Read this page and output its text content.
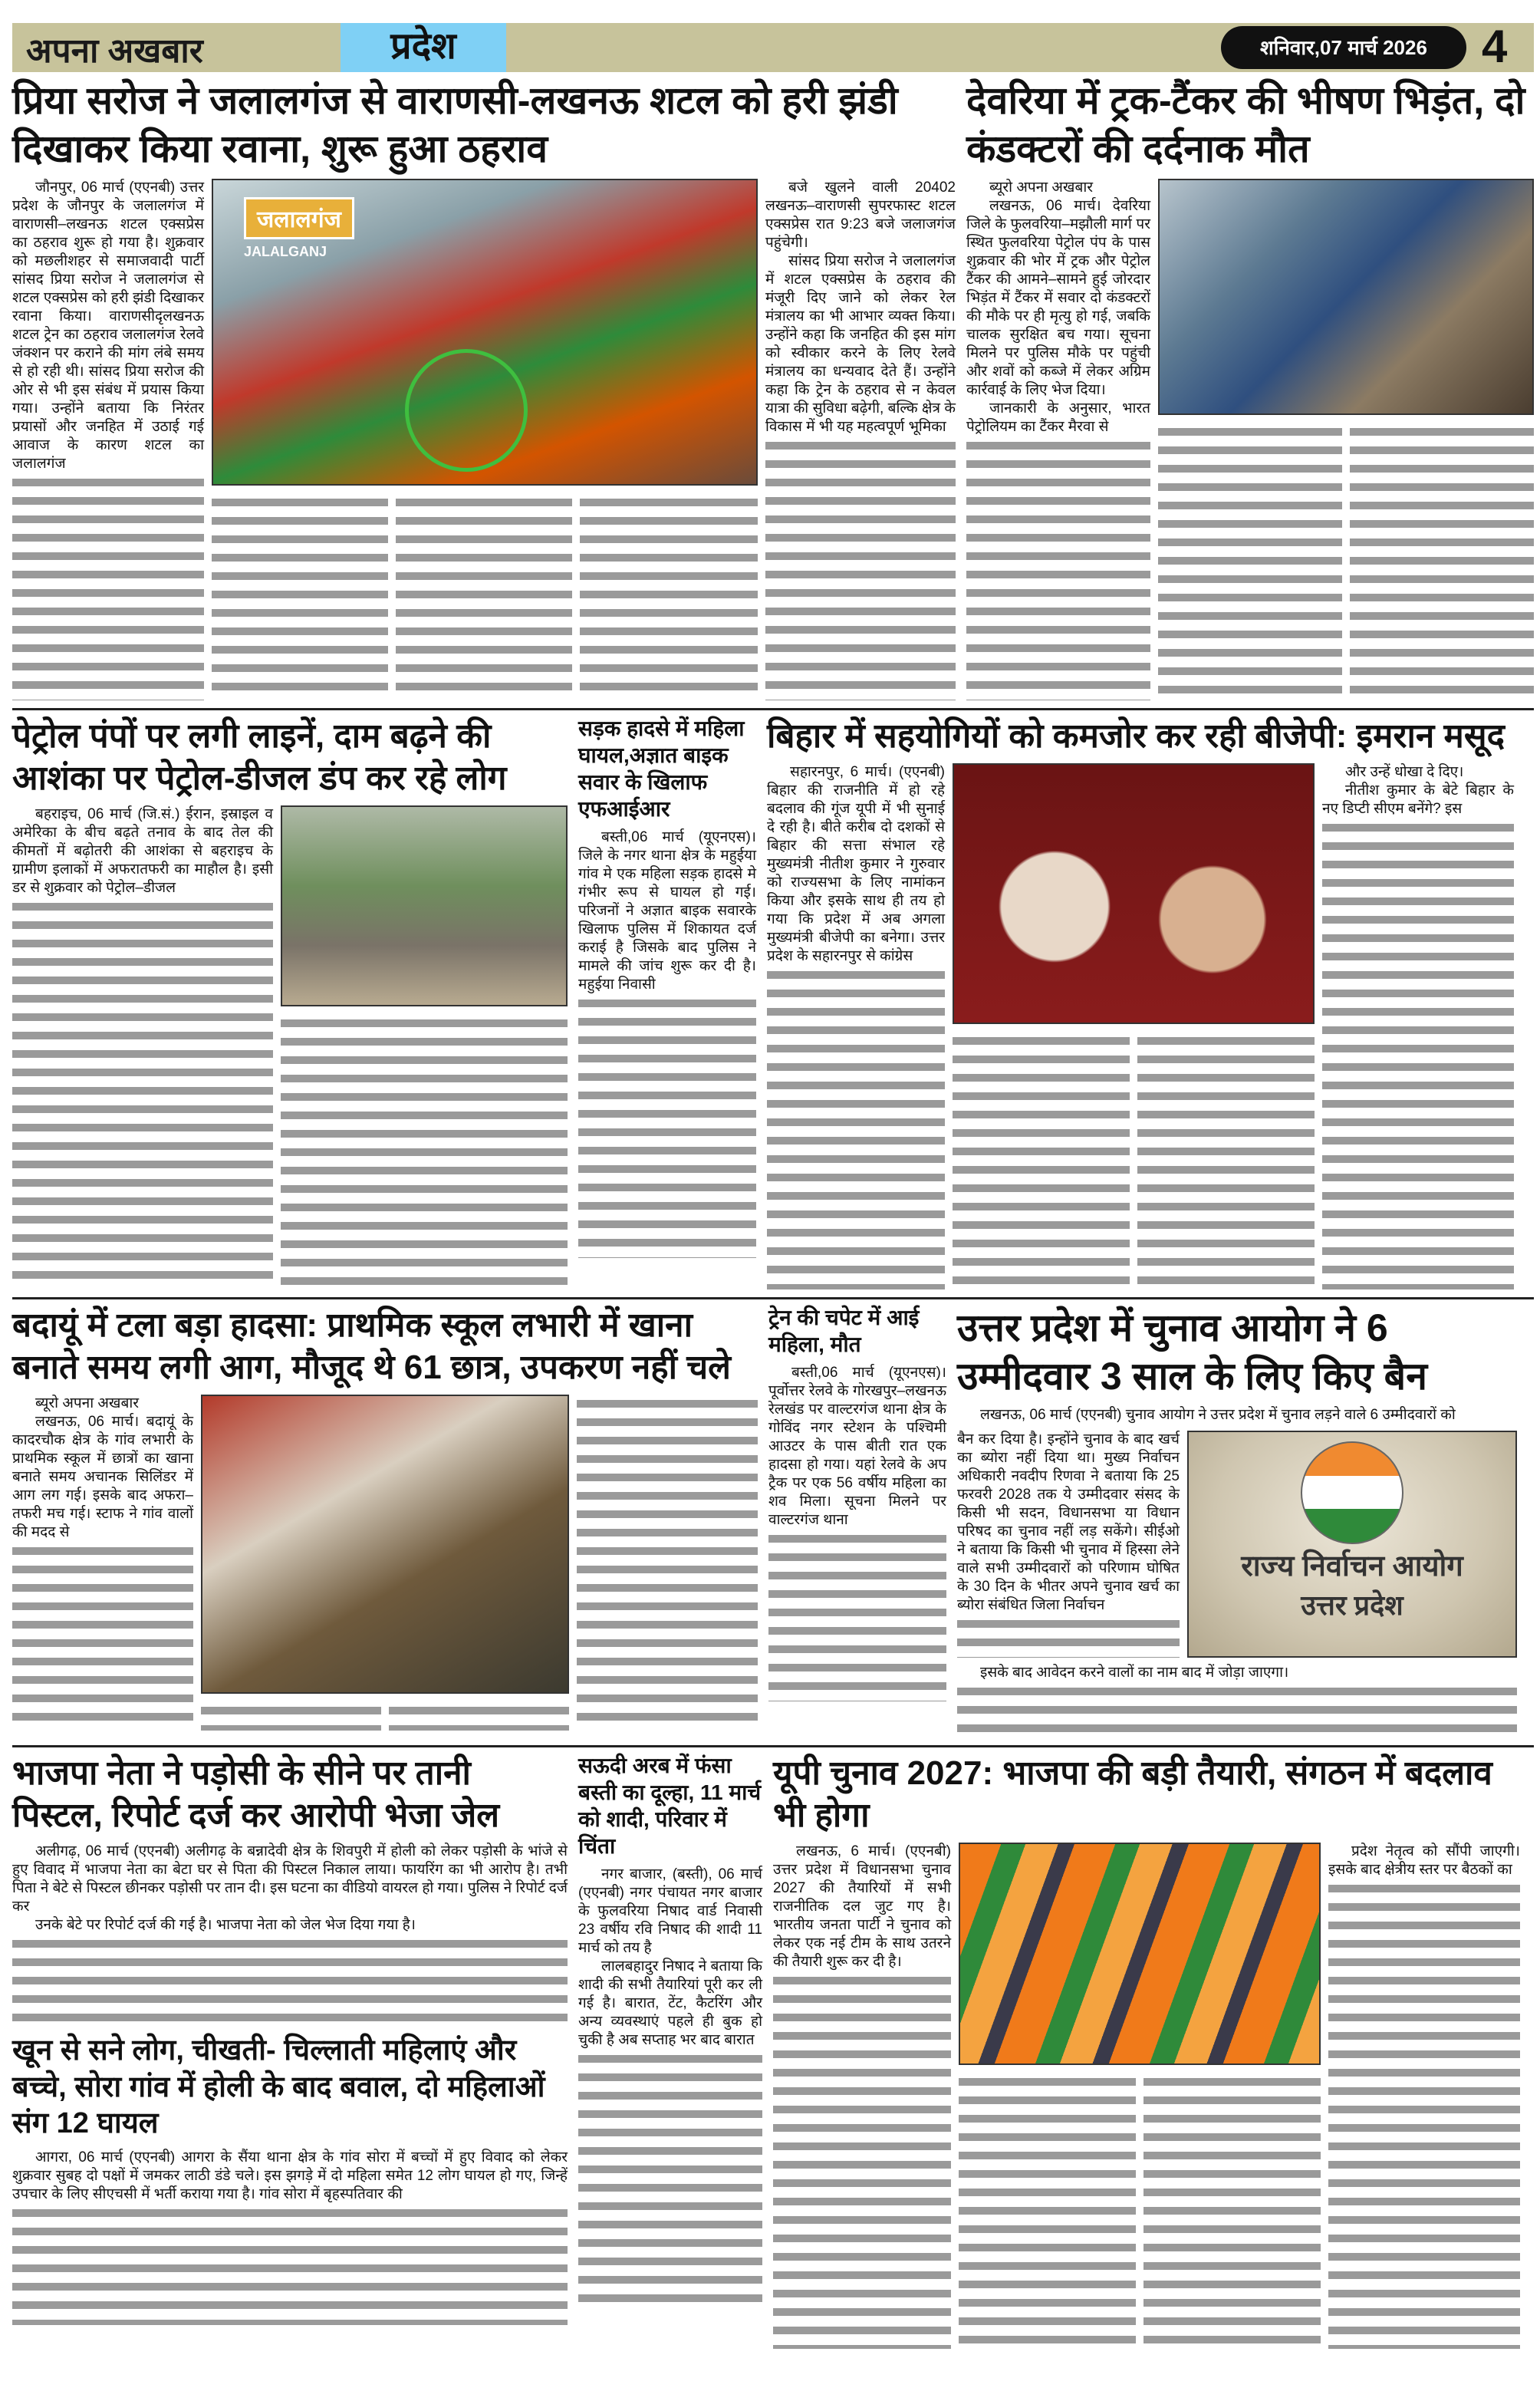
अपना अखबार	प्रदेश	शनिवार,07 मार्च 2026	4
प्रिया सरोज ने जलालगंज से वाराणसी-लखनऊ शटल को हरी झंडी दिखाकर किया रवाना, शुरू हुआ ठहराव

जौनपुर, 06 मार्च (एएनबी) उत्तर प्रदेश के जौनपुर के जलालगंज में वाराणसी–लखनऊ शटल एक्सप्रेस का ठहराव शुरू हो गया है। शुक्रवार को मछलीशहर से समाजवादी पार्टी सांसद प्रिया सरोज ने जलालगंज से शटल एक्सप्रेस को हरी झंडी दिखाकर रवाना किया। वाराणसीदृलखनऊ शटल ट्रेन का ठहराव जलालगंज रेलवे जंक्शन पर कराने की मांग लंबे समय से हो रही थी। सांसद प्रिया सरोज की ओर से भी इस संबंध में प्रयास किया गया। उन्होंने बताया कि निरंतर प्रयासों और जनहित में उठाई गई आवाज के कारण शटल का जलालगंज

जलालगंज
JALALGANJ

बजे खुलने वाली 20402 लखनऊ–वाराणसी सुपरफास्ट शटल एक्सप्रेस रात 9:23 बजे जलाजगंज पहुंचेगी।

सांसद प्रिया सरोज ने जलालगंज में शटल एक्सप्रेस के ठहराव की मंजूरी दिए जाने को लेकर रेल मंत्रालय का भी आभार व्यक्त किया। उन्होंने कहा कि जनहित की इस मांग को स्वीकार करने के लिए रेलवे मंत्रालय का धन्यवाद देते हैं। उन्होंने कहा कि ट्रेन के ठहराव से न केवल यात्रा की सुविधा बढ़ेगी, बल्कि क्षेत्र के विकास में भी यह महत्वपूर्ण भूमिका

देवरिया में ट्रक-टैंकर की भीषण भिड़ंत, दो कंडक्टरों की दर्दनाक मौत

ब्यूरो अपना अखबार

लखनऊ, 06 मार्च। देवरिया जिले के फुलवरिया–मझौली मार्ग पर स्थित फुलवरिया पेट्रोल पंप के पास शुक्रवार की भोर में ट्रक और पेट्रोल टैंकर की आमने–सामने हुई जोरदार भिड़ंत में टैंकर में सवार दो कंडक्टरों की मौके पर ही मृत्यु हो गई, जबकि चालक सुरक्षित बच गया। सूचना मिलने पर पुलिस मौके पर पहुंची और शवों को कब्जे में लेकर अग्रिम कार्रवाई के लिए भेज दिया।

जानकारी के अनुसार, भारत पेट्रोलियम का टैंकर मैरवा से

पेट्रोल पंपों पर लगी लाइनें, दाम बढ़ने की आशंका पर पेट्रोल-डीजल डंप कर रहे लोग

बहराइच, 06 मार्च (जि.सं.) ईरान, इस्राइल व अमेरिका के बीच बढ़ते तनाव के बाद तेल की कीमतों में बढ़ोतरी की आशंका से बहराइच के ग्रामीण इलाकों में अफरातफरी का माहौल है। इसी डर से शुक्रवार को पेट्रोल–डीजल

सड़क हादसे में महिला घायल,अज्ञात बाइक सवार के खिलाफ एफआईआर

बस्ती,06 मार्च (यूएनएस)। जिले के नगर थाना क्षेत्र के महुईया गांव मे एक महिला सड़क हादसे मे गंभीर रूप से घायल हो गई। परिजनों ने अज्ञात बाइक सवारके खिलाफ पुलिस में शिकायत दर्ज कराई है जिसके बाद पुलिस ने मामले की जांच शुरू कर दी है। महुईया निवासी

बिहार में सहयोगियों को कमजोर कर रही बीजेपी: इमरान मसूद

सहारनपुर, 6 मार्च। (एएनबी) बिहार की राजनीति में हो रहे बदलाव की गूंज यूपी में भी सुनाई दे रही है। बीते करीब दो दशकों से बिहार की सत्ता संभाल रहे मुख्यमंत्री नीतीश कुमार ने गुरुवार को राज्यसभा के लिए नामांकन किया और इसके साथ ही तय हो गया कि प्रदेश में अब अगला मुख्यमंत्री बीजेपी का बनेगा। उत्तर प्रदेश के सहारनपुर से कांग्रेस

और उन्हें धोखा दे दिए।

नीतीश कुमार के बेटे बिहार के नए डिप्टी सीएम बनेंगे? इस

बदायूं में टला बड़ा हादसा: प्राथमिक स्कूल लभारी में खाना बनाते समय लगी आग, मौजूद थे 61 छात्र, उपकरण नहीं चले

ब्यूरो अपना अखबार

लखनऊ, 06 मार्च। बदायूं के कादरचौक क्षेत्र के गांव लभारी के प्राथमिक स्कूल में छात्रों का खाना बनाते समय अचानक सिलिंडर में आग लग गई। इसके बाद अफरा–तफरी मच गई। स्टाफ ने गांव वालों की मदद से

ट्रेन की चपेट में आई महिला, मौत

बस्ती,06 मार्च (यूएनएस)। पूर्वोत्तर रेलवे के गोरखपुर–लखनऊ रेलखंड पर वाल्टरगंज थाना क्षेत्र के गोविंद नगर स्टेशन के पश्चिमी आउटर के पास बीती रात एक हादसा हो गया। यहां रेलवे के अप ट्रैक पर एक 56 वर्षीय महिला का शव मिला। सूचना मिलने पर वाल्टरगंज थाना

उत्तर प्रदेश में चुनाव आयोग ने 6 उम्मीदवार 3 साल के लिए किए बैन

लखनऊ, 06 मार्च (एएनबी) चुनाव आयोग ने उत्तर प्रदेश में चुनाव लड़ने वाले 6 उम्मीदवारों को

बैन कर दिया है। इन्होंने चुनाव के बाद खर्च का ब्योरा नहीं दिया था। मुख्य निर्वाचन अधिकारी नवदीप रिणवा ने बताया कि 25 फरवरी 2028 तक ये उम्मीदवार संसद के किसी भी सदन, विधानसभा या विधान परिषद का चुनाव नहीं लड़ सकेंगे। सीईओ ने बताया कि किसी भी चुनाव में हिस्सा लेने वाले सभी उम्मीदवारों को परिणाम घोषित के 30 दिन के भीतर अपने चुनाव खर्च का ब्योरा संबंधित जिला निर्वाचन

राज्य निर्वाचन आयोग
उत्तर प्रदेश

इसके बाद आवेदन करने वालों का नाम बाद में जोड़ा जाएगा।

भाजपा नेता ने पड़ोसी के सीने पर तानी पिस्टल, रिपोर्ट दर्ज कर आरोपी भेजा जेल

अलीगढ़, 06 मार्च (एएनबी) अलीगढ़ के बन्नादेवी क्षेत्र के शिवपुरी में होली को लेकर पड़ोसी के भांजे से हुए विवाद में भाजपा नेता का बेटा घर से पिता की पिस्टल निकाल लाया। फायरिंग का भी आरोप है। तभी पिता ने बेटे से पिस्टल छीनकर पड़ोसी पर तान दी। इस घटना का वीडियो वायरल हो गया। पुलिस ने रिपोर्ट दर्ज कर

उनके बेटे पर रिपोर्ट दर्ज की गई है। भाजपा नेता को जेल भेज दिया गया है।

खून से सने लोग, चीखती- चिल्लाती महिलाएं और बच्चे, सोरा गांव में होली के बाद बवाल, दो महिलाओं संग 12 घायल

आगरा, 06 मार्च (एएनबी) आगरा के सैंया थाना क्षेत्र के गांव सोरा में बच्चों में हुए विवाद को लेकर शुक्रवार सुबह दो पक्षों में जमकर लाठी डंडे चले। इस झगड़े में दो महिला समेत 12 लोग घायल हो गए, जिन्हें उपचार के लिए सीएचसी में भर्ती कराया गया है। गांव सोरा में बृहस्पतिवार की

सऊदी अरब में फंसा बस्ती का दूल्हा, 11 मार्च को शादी, परिवार में चिंता

नगर बाजार, (बस्ती), 06 मार्च (एएनबी) नगर पंचायत नगर बाजार के फुलवरिया निषाद वार्ड निवासी 23 वर्षीय रवि निषाद की शादी 11 मार्च को तय है

लालबहादुर निषाद ने बताया कि शादी की सभी तैयारियां पूरी कर ली गई है। बारात, टेंट, कैटरिंग और अन्य व्यवस्थाएं पहले ही बुक हो चुकी है अब सप्ताह भर बाद बारात

यूपी चुनाव 2027: भाजपा की बड़ी तैयारी, संगठन में बदलाव भी होगा

लखनऊ, 6 मार्च। (एएनबी) उत्तर प्रदेश में विधानसभा चुनाव 2027 की तैयारियों में सभी राजनीतिक दल जुट गए है। भारतीय जनता पार्टी ने चुनाव को लेकर एक नई टीम के साथ उतरने की तैयारी शुरू कर दी है।

प्रदेश नेतृत्व को सौंपी जाएगी। इसके बाद क्षेत्रीय स्तर पर बैठकों का
